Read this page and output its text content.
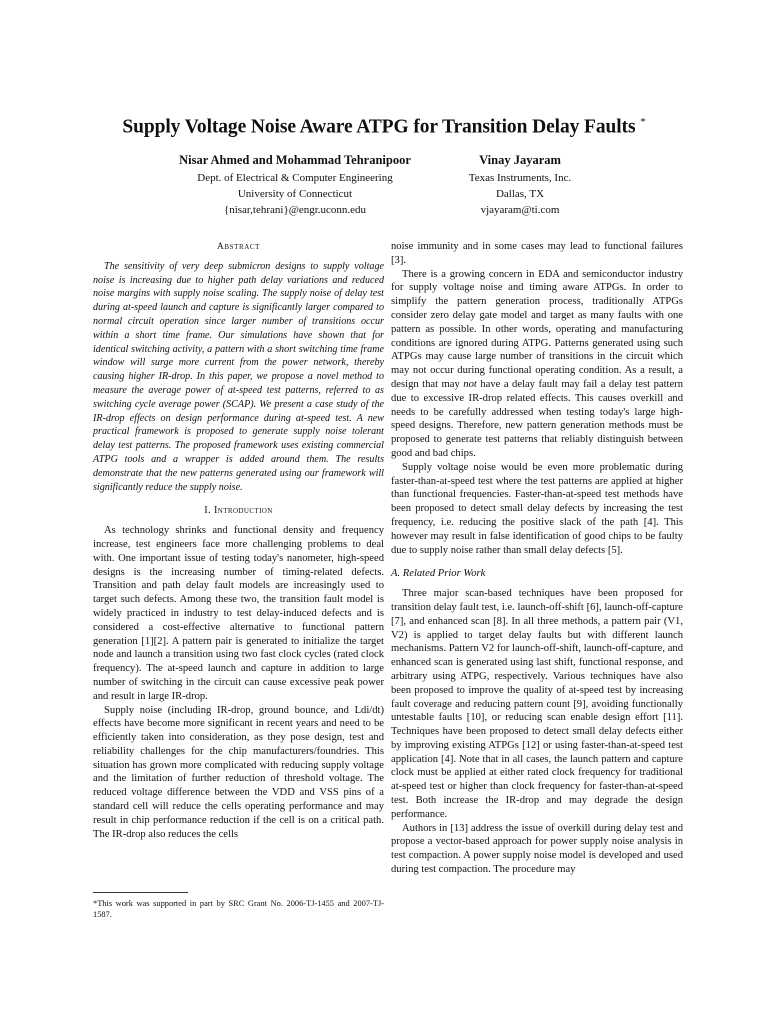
Supply Voltage Noise Aware ATPG for Transition Delay Faults *
Nisar Ahmed and Mohammad Tehranipoor
Dept. of Electrical & Computer Engineering
University of Connecticut
{nisar,tehrani}@engr.uconn.edu
Vinay Jayaram
Texas Instruments, Inc.
Dallas, TX
vjayaram@ti.com
Abstract

The sensitivity of very deep submicron designs to supply voltage noise is increasing due to higher path delay variations and reduced noise margins with supply noise scaling. The supply noise of delay test during at-speed launch and capture is significantly larger compared to normal circuit operation since larger number of transitions occur within a short time frame. Our simulations have shown that for identical switching activity, a pattern with a short switching time frame window will surge more current from the power network, thereby causing higher IR-drop. In this paper, we propose a novel method to measure the average power of at-speed test patterns, referred to as switching cycle average power (SCAP). We present a case study of the IR-drop effects on design performance during at-speed test. A new practical framework is proposed to generate supply noise tolerant delay test patterns. The proposed framework uses existing commercial ATPG tools and a wrapper is added around them. The results demonstrate that the new patterns generated using our framework will significantly reduce the supply noise.

I. Introduction

As technology shrinks and functional density and frequency increase, test engineers face more challenging problems to deal with. One important issue of testing today's nanometer, high-speed designs is the increasing number of timing-related defects. Transition and path delay fault models are increasingly used to target such defects. Among these two, the transition fault model is widely practiced in industry to test delay-induced defects and is considered a cost-effective alternative to functional pattern generation [1][2]. A pattern pair is generated to initialize the target node and launch a transition using two fast clock cycles (rated clock frequency). The at-speed launch and capture in addition to large number of switching in the circuit can cause excessive peak power and result in large IR-drop.

Supply noise (including IR-drop, ground bounce, and Ldi/dt) effects have become more significant in recent years and need to be efficiently taken into consideration, as they pose design, test and reliability challenges for the chip manufacturers/foundries. This situation has grown more complicated with reducing supply voltage and the limitation of further reduction of threshold voltage. The reduced voltage difference between the VDD and VSS pins of a standard cell will reduce the cells operating performance and may result in chip performance reduction if the cell is on a critical path. The IR-drop also reduces the cells

*This work was supported in part by SRC Grant No. 2006-TJ-1455 and 2007-TJ-1587.

noise immunity and in some cases may lead to functional failures [3].

There is a growing concern in EDA and semiconductor industry for supply voltage noise and timing aware ATPGs. In order to simplify the pattern generation process, traditionally ATPGs consider zero delay gate model and target as many faults with one pattern as possible. In other words, operating and manufacturing conditions are ignored during ATPG. Patterns generated using such ATPGs may cause large number of transitions in the circuit which may not occur during functional operating condition. As a result, a design that may not have a delay fault may fail a delay test pattern due to excessive IR-drop related effects. This causes overkill and needs to be carefully addressed when testing today's large high-speed designs. Therefore, new pattern generation methods must be proposed to generate test patterns that reliably distinguish between good and bad chips.

Supply voltage noise would be even more problematic during faster-than-at-speed test where the test patterns are applied at higher than functional frequencies. Faster-than-at-speed test methods have been proposed to detect small delay defects by increasing the test frequency, i.e. reducing the positive slack of the path [4]. This however may result in false identification of good chips to be faulty due to supply noise rather than small delay defects [5].

A. Related Prior Work

Three major scan-based techniques have been proposed for transition delay fault test, i.e. launch-off-shift [6], launch-off-capture [7], and enhanced scan [8]. In all three methods, a pattern pair (V1, V2) is applied to target delay faults but with different launch mechanisms. Pattern V2 for launch-off-shift, launch-off-capture, and enhanced scan is generated using last shift, functional response, and arbitrary using ATPG, respectively. Various techniques have also been proposed to improve the quality of at-speed test by increasing fault coverage and reducing pattern count [9], avoiding functionally untestable faults [10], or reducing scan enable design effort [11]. Techniques have been proposed to detect small delay defects either by improving existing ATPGs [12] or using faster-than-at-speed test application [4]. Note that in all cases, the launch pattern and capture clock must be applied at either rated clock frequency for traditional at-speed test or higher than clock frequency for faster-than-at-speed test. Both increase the IR-drop and may degrade the design performance.

Authors in [13] address the issue of overkill during delay test and propose a vector-based approach for power supply noise analysis in test compaction. A power supply noise model is developed and used during test compaction. The procedure may
